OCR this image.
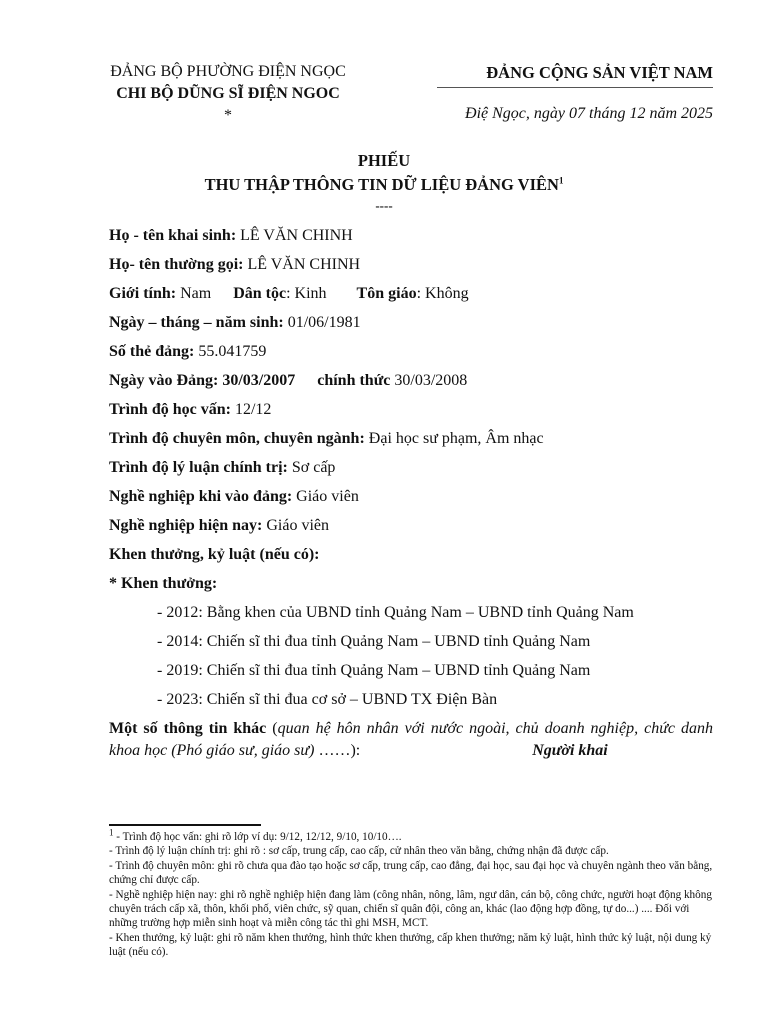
ĐẢNG BỘ PHƯỜNG ĐIỆN NGỌC
CHI BỘ DŨNG SĨ ĐIỆN NGOC
*
ĐẢNG CỘNG SẢN VIỆT NAM
Điệ Ngọc, ngày 07 tháng 12 năm 2025
PHIẾU
THU THẬP THÔNG TIN DỮ LIỆU ĐẢNG VIÊN$^1$
----
Họ - tên khai sinh: LÊ VĂN CHINH
Họ- tên thường gọi: LÊ VĂN CHINH
Giới tính: Nam Dân tộc: Kinh Tôn giáo: Không
Ngày – tháng – năm sinh: 01/06/1981
Số thẻ đảng: 55.041759
Ngày vào Đảng: 30/03/2007 chính thức 30/03/2008
Trình độ học vấn: 12/12
Trình độ chuyên môn, chuyên ngành: Đại học sư phạm, Âm nhạc
Trình độ lý luận chính trị: Sơ cấp
Nghề nghiệp khi vào đảng: Giáo viên
Nghề nghiệp hiện nay: Giáo viên
Khen thưởng, kỷ luật (nếu có):
* Khen thưởng:
- 2012: Bằng khen của UBND tỉnh Quảng Nam – UBND tỉnh Quảng Nam
- 2014: Chiến sĩ thi đua tỉnh Quảng Nam – UBND tỉnh Quảng Nam
- 2019: Chiến sĩ thi đua tỉnh Quảng Nam – UBND tỉnh Quảng Nam
- 2023: Chiến sĩ thi đua cơ sở – UBND TX Điện Bàn
Một số thông tin khác (quan hệ hôn nhân với nước ngoài, chủ doanh nghiệp, chức danh khoa học (Phó giáo sư, giáo sư) ……):	Người khai
$^1$ - Trình độ học vấn: ghi rõ lớp ví dụ: 9/12, 12/12, 9/10, 10/10….
- Trình độ lý luận chính trị: ghi rõ : sơ cấp, trung cấp, cao cấp, cử nhân theo văn bằng, chứng nhận đã được cấp.
- Trình độ chuyên môn: ghi rõ chưa qua đào tạo hoặc sơ cấp, trung cấp, cao đẳng, đại học, sau đại học và chuyên ngành theo văn bằng, chứng chỉ được cấp.
- Nghề nghiệp hiện nay: ghi rõ nghề nghiệp hiện đang làm (công nhân, nông, lâm, ngư dân, cán bộ, công chức, người hoạt động không chuyên trách cấp xã, thôn, khối phố, viên chức, sỹ quan, chiến sĩ quân đội, công an, khác (lao động hợp đồng, tự do...) .... Đối với những trường hợp miễn sinh hoạt và miễn công tác thì ghi MSH, MCT.
- Khen thưởng, kỷ luật: ghi rõ năm khen thưởng, hình thức khen thưởng, cấp khen thưởng; năm kỷ luật, hình thức kỷ luật, nội dung kỷ luật (nếu có).
